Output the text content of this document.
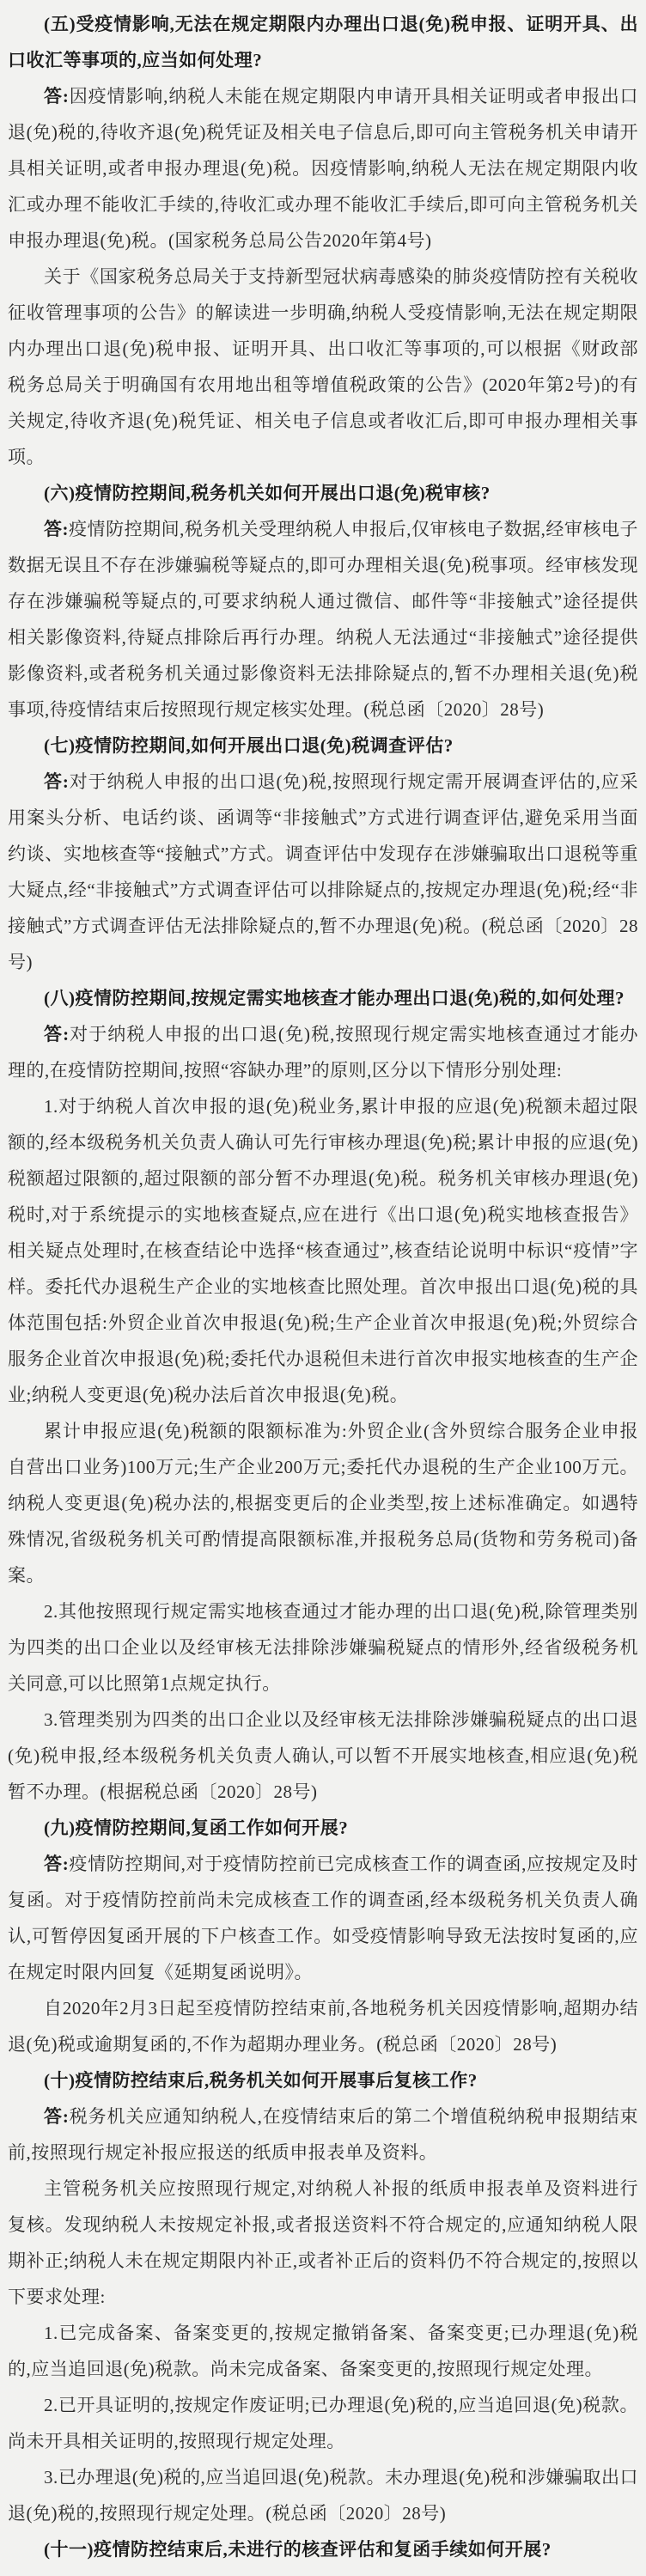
(五)受疫情影响,无法在规定期限内办理出口退(免)税申报、证明开具、出口收汇等事项的,应当如何处理?

答:因疫情影响,纳税人未能在规定期限内申请开具相关证明或者申报出口退(免)税的,待收齐退(免)税凭证及相关电子信息后,即可向主管税务机关申请开具相关证明,或者申报办理退(免)税。因疫情影响,纳税人无法在规定期限内收汇或办理不能收汇手续的,待收汇或办理不能收汇手续后,即可向主管税务机关申报办理退(免)税。(国家税务总局公告2020年第4号)

关于《国家税务总局关于支持新型冠状病毒感染的肺炎疫情防控有关税收征收管理事项的公告》的解读进一步明确,纳税人受疫情影响,无法在规定期限内办理出口退(免)税申报、证明开具、出口收汇等事项的,可以根据《财政部 税务总局关于明确国有农用地出租等增值税政策的公告》(2020年第2号)的有关规定,待收齐退(免)税凭证、相关电子信息或者收汇后,即可申报办理相关事项。

(六)疫情防控期间,税务机关如何开展出口退(免)税审核?

答:疫情防控期间,税务机关受理纳税人申报后,仅审核电子数据,经审核电子数据无误且不存在涉嫌骗税等疑点的,即可办理相关退(免)税事项。经审核发现存在涉嫌骗税等疑点的,可要求纳税人通过微信、邮件等“非接触式”途径提供相关影像资料,待疑点排除后再行办理。纳税人无法通过“非接触式”途径提供影像资料,或者税务机关通过影像资料无法排除疑点的,暂不办理相关退(免)税事项,待疫情结束后按照现行规定核实处理。(税总函〔2020〕28号)

(七)疫情防控期间,如何开展出口退(免)税调查评估?

答:对于纳税人申报的出口退(免)税,按照现行规定需开展调查评估的,应采用案头分析、电话约谈、函调等“非接触式”方式进行调查评估,避免采用当面约谈、实地核查等“接触式”方式。调查评估中发现存在涉嫌骗取出口退税等重大疑点,经“非接触式”方式调查评估可以排除疑点的,按规定办理退(免)税;经“非接触式”方式调查评估无法排除疑点的,暂不办理退(免)税。(税总函〔2020〕28号)

(八)疫情防控期间,按规定需实地核查才能办理出口退(免)税的,如何处理?

答:对于纳税人申报的出口退(免)税,按照现行规定需实地核查通过才能办理的,在疫情防控期间,按照“容缺办理”的原则,区分以下情形分别处理:

1.对于纳税人首次申报的退(免)税业务,累计申报的应退(免)税额未超过限额的,经本级税务机关负责人确认可先行审核办理退(免)税;累计申报的应退(免)税额超过限额的,超过限额的部分暂不办理退(免)税。税务机关审核办理退(免)税时,对于系统提示的实地核查疑点,应在进行《出口退(免)税实地核查报告》相关疑点处理时,在核查结论中选择“核查通过”,核查结论说明中标识“疫情”字样。委托代办退税生产企业的实地核查比照处理。首次申报出口退(免)税的具体范围包括:外贸企业首次申报退(免)税;生产企业首次申报退(免)税;外贸综合服务企业首次申报退(免)税;委托代办退税但未进行首次申报实地核查的生产企业;纳税人变更退(免)税办法后首次申报退(免)税。

累计申报应退(免)税额的限额标准为:外贸企业(含外贸综合服务企业申报自营出口业务)100万元;生产企业200万元;委托代办退税的生产企业100万元。纳税人变更退(免)税办法的,根据变更后的企业类型,按上述标准确定。如遇特殊情况,省级税务机关可酌情提高限额标准,并报税务总局(货物和劳务税司)备案。

2.其他按照现行规定需实地核查通过才能办理的出口退(免)税,除管理类别为四类的出口企业以及经审核无法排除涉嫌骗税疑点的情形外,经省级税务机关同意,可以比照第1点规定执行。

3.管理类别为四类的出口企业以及经审核无法排除涉嫌骗税疑点的出口退(免)税申报,经本级税务机关负责人确认,可以暂不开展实地核查,相应退(免)税暂不办理。(根据税总函〔2020〕28号)

(九)疫情防控期间,复函工作如何开展?

答:疫情防控期间,对于疫情防控前已完成核查工作的调查函,应按规定及时复函。对于疫情防控前尚未完成核查工作的调查函,经本级税务机关负责人确认,可暂停因复函开展的下户核查工作。如受疫情影响导致无法按时复函的,应在规定时限内回复《延期复函说明》。

自2020年2月3日起至疫情防控结束前,各地税务机关因疫情影响,超期办结退(免)税或逾期复函的,不作为超期办理业务。(税总函〔2020〕28号)

(十)疫情防控结束后,税务机关如何开展事后复核工作?

答:税务机关应通知纳税人,在疫情结束后的第二个增值税纳税申报期结束前,按照现行规定补报应报送的纸质申报表单及资料。

主管税务机关应按照现行规定,对纳税人补报的纸质申报表单及资料进行复核。发现纳税人未按规定补报,或者报送资料不符合规定的,应通知纳税人限期补正;纳税人未在规定期限内补正,或者补正后的资料仍不符合规定的,按照以下要求处理:

1.已完成备案、备案变更的,按规定撤销备案、备案变更;已办理退(免)税的,应当追回退(免)税款。尚未完成备案、备案变更的,按照现行规定处理。

2.已开具证明的,按规定作废证明;已办理退(免)税的,应当追回退(免)税款。尚未开具相关证明的,按照现行规定处理。

3.已办理退(免)税的,应当追回退(免)税款。未办理退(免)税和涉嫌骗取出口退(免)税的,按照现行规定处理。(税总函〔2020〕28号)

(十一)疫情防控结束后,未进行的核查评估和复函手续如何开展?
